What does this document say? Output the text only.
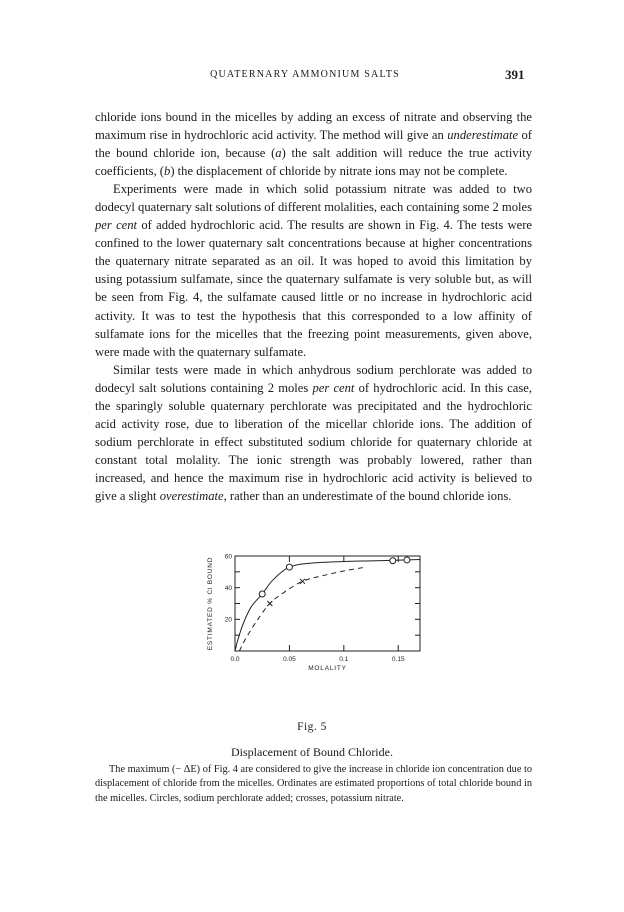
QUATERNARY AMMONIUM SALTS	391

chloride ions bound in the micelles by adding an excess of nitrate and observing the maximum rise in hydrochloric acid activity. The method will give an underestimate of the bound chloride ion, because (a) the salt addition will reduce the true activity coefficients, (b) the displacement of chloride by nitrate ions may not be complete.

Experiments were made in which solid potassium nitrate was added to two dodecyl quaternary salt solutions of different molalities, each containing some 2 moles per cent of added hydrochloric acid. The results are shown in Fig. 4. The tests were confined to the lower quaternary salt concentrations because at higher concentrations the quaternary nitrate separated as an oil. It was hoped to avoid this limitation by using potassium sulfamate, since the quaternary sulfamate is very soluble but, as will be seen from Fig. 4, the sulfamate caused little or no increase in hydrochloric acid activity. It was to test the hypothesis that this corresponded to a low affinity of sulfamate ions for the micelles that the freezing point measurements, given above, were made with the quaternary sulfamate.

Similar tests were made in which anhydrous sodium perchlorate was added to dodecyl salt solutions containing 2 moles per cent of hydrochloric acid. In this case, the sparingly soluble quaternary perchlorate was precipitated and the hydrochloric acid activity rose, due to liberation of the micellar chloride ions. The addition of sodium perchlorate in effect substituted sodium chloride for quaternary chloride at constant total molality. The ionic strength was probably lowered, rather than increased, and hence the maximum rise in hydrochloric acid activity is believed to give a slight overestimate, rather than an underestimate of the bound chloride ions.

20
40
60
0.0	0.05	0.1	0.15
MOLALITY
ESTIMATED % Cl BOUND
Fig. 5
Displacement of Bound Chloride.
The maximum (− ΔE) of Fig. 4 are considered to give the increase in chloride ion concentration due to displacement of chloride from the micelles. Ordinates are estimated proportions of total chloride bound in the micelles. Circles, sodium perchlorate added; crosses, potassium nitrate.
